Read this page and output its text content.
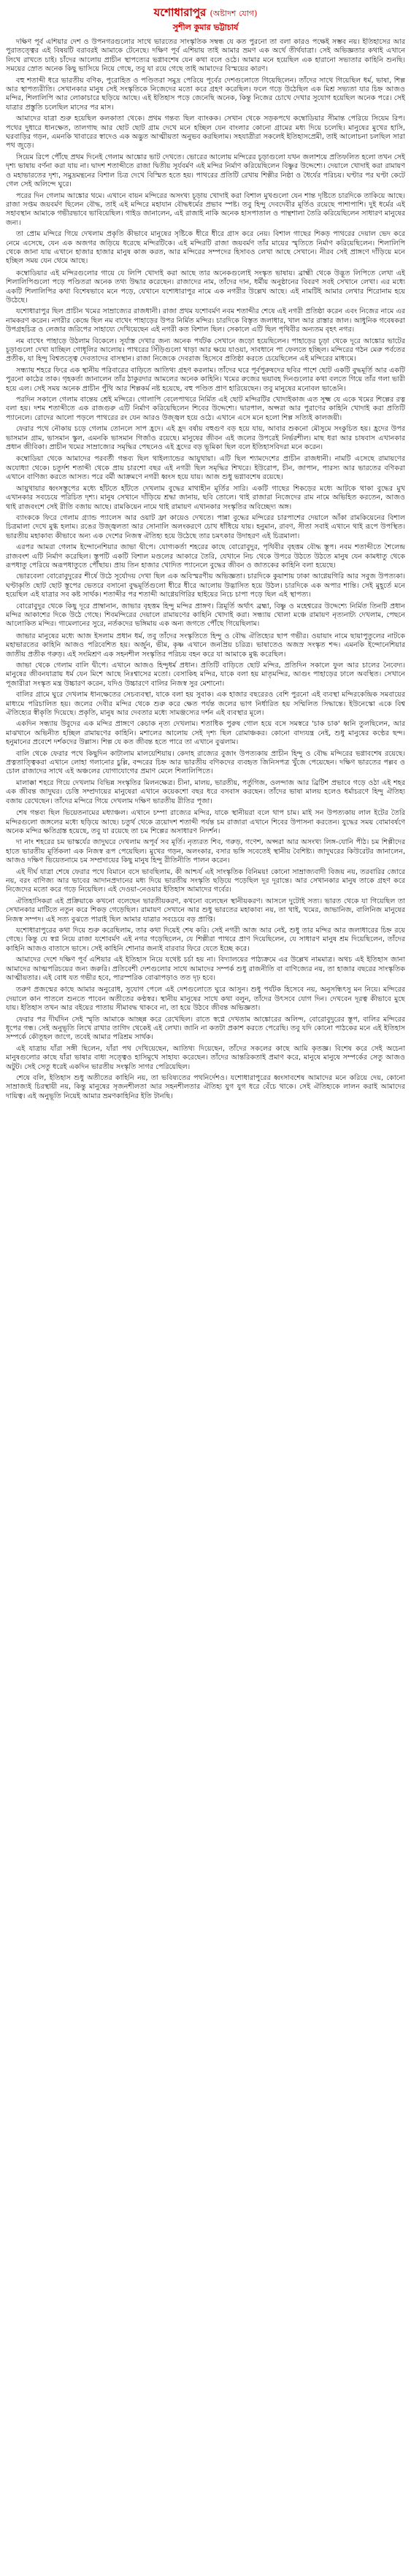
যশোধারাপুর (অষ্টাদশ যোগ)
সুশীল কুমার ভট্টাচার্য

দক্ষিণ পূর্ব এশিয়ার দেশ ও উপনগরগুলোর সাথে ভারতের সাংস্কৃতিক সম্বন্ধ যে কত পুরনো তা বলা কারও পক্ষেই সম্ভব নয়। ইতিহাসের আর পুরাতত্ত্বের এই বিষয়টি বরাবরই আমাকে টেনেছে। দক্ষিণ পূর্ব এশিয়ায় তাই আমার ভ্রমণ এক অর্থে তীর্থযাত্রা। সেই অভিজ্ঞতার কথাই এখানে লিখে রাখতে চাই। চাঁদের আলোয় প্রাচীন স্থাপত্যের ভগ্নাবশেষ যেন কথা বলে ওঠে। আমার মনে হয়েছিল এক হারানো সভ্যতার কাহিনি শুনছি। সময়ের স্রোত অনেক কিছু ভাসিয়ে নিয়ে গেছে, তবু যা রয়ে গেছে তাই আমাদের বিস্ময়ের কারণ।

বহু শতাব্দী ধরে ভারতীয় বণিক, পুরোহিত ও পণ্ডিতরা সমুদ্র পেরিয়ে পূর্বের দেশগুলোতে গিয়েছিলেন। তাঁদের সাথে গিয়েছিল ধর্ম, ভাষা, শিল্প আর স্থাপত্যরীতি। সেখানকার মানুষ সেই সংস্কৃতিকে নিজেদের মতো করে গ্রহণ করেছিল। ফলে গড়ে উঠেছিল এক মিশ্র সভ্যতা যার চিহ্ন আজও মন্দির, শিলালিপি আর লোকাচারে ছড়িয়ে আছে। এই ইতিহাস পড়ে জেনেছি অনেক, কিন্তু নিজের চোখে দেখার সুযোগ হয়েছিল অনেক পরে। সেই যাত্রার প্রস্তুতি চলেছিল মাসের পর মাস।

আমাদের যাত্রা শুরু হয়েছিল কলকাতা থেকে। প্রথম গন্তব্য ছিল ব্যাংকক। সেখান থেকে সড়কপথে কম্বোডিয়ার সীমান্ত পেরিয়ে সিয়েম রিপ। পথের দুধারে ধানক্ষেত, তালগাছ আর ছোট ছোট গ্রাম দেখে মনে হচ্ছিল যেন বাংলার কোনো গ্রামের মধ্য দিয়ে চলেছি। মানুষের মুখের হাসি, ঘরবাড়ির গড়ন, এমনকি খাবারের স্বাদেও এক অদ্ভুত আত্মীয়তা অনুভব করছিলাম। সহযাত্রীরা সকলেই ইতিহাসপ্রেমী, তাই আলোচনা চলছিল সারা পথ জুড়ে।

সিয়েম রিপে পৌঁছে প্রথম দিনেই গেলাম আঙ্কোর ভাট দেখতে। ভোরের আলোয় মন্দিরের চূড়াগুলো যখন জলাশয়ে প্রতিফলিত হলো তখন সেই দৃশ্য ভাষায় বর্ণনা করা যায় না। দ্বাদশ শতাব্দীতে রাজা দ্বিতীয় সূর্যবর্মণ এই মন্দির নির্মাণ করিয়েছিলেন বিষ্ণুর উদ্দেশ্যে। দেয়ালে খোদাই করা রামায়ণ ও মহাভারতের দৃশ্য, সমুদ্রমন্থনের বিশাল চিত্র দেখে বিস্মিত হতে হয়। পাথরের প্রতিটি রেখায় শিল্পীর নিষ্ঠা ও ধৈর্যের পরিচয়। ঘণ্টার পর ঘণ্টা কেটে গেল সেই অলিন্দে ঘুরে।

পরের দিন গেলাম আঙ্কোর থমে। এখানে বায়ন মন্দিরের অসংখ্য চূড়ায় খোদাই করা বিশাল মুখগুলো যেন শান্ত দৃষ্টিতে চারদিকে তাকিয়ে আছে। রাজা সপ্তম জয়বর্মণ ছিলেন বৌদ্ধ, তাই এই মন্দিরে মহাযান বৌদ্ধধর্মের প্রভাব স্পষ্ট। তবু হিন্দু দেবদেবীর মূর্তিও রয়েছে পাশাপাশি। দুই ধর্মের এই সহাবস্থান আমাকে গভীরভাবে ভাবিয়েছিল। গাইড জানালেন, এই রাজাই নাকি অনেক হাসপাতাল ও পান্থশালা তৈরি করিয়েছিলেন সাধারণ মানুষের জন্য।

তা প্রোম মন্দিরে গিয়ে দেখলাম প্রকৃতি কীভাবে মানুষের সৃষ্টিকে ধীরে ধীরে গ্রাস করে নেয়। বিশাল গাছের শিকড় পাথরের দেয়াল ভেদ করে নেমে এসেছে, যেন এক অজগর জড়িয়ে ধরেছে মন্দিরটিকে। এই মন্দিরটি রাজা জয়বর্মণ তাঁর মায়ের স্মৃতিতে নির্মাণ করিয়েছিলেন। শিলালিপি থেকে জানা যায় এখানে হাজার হাজার মানুষ কাজ করত, আর মন্দিরের সম্পদের হিসাবও লেখা আছে সেখানে। নীরব সেই প্রাঙ্গণে দাঁড়িয়ে মনে হচ্ছিল সময় যেন থেমে আছে।

কম্বোডিয়ার এই মন্দিরগুলোর গায়ে যে লিপি খোদাই করা আছে তার অনেকগুলোই সংস্কৃত ভাষায়। ব্রাহ্মী থেকে উদ্ভূত লিপিতে লেখা এই শিলালিপিগুলো পড়ে পণ্ডিতরা অনেক তথ্য উদ্ধার করেছেন। রাজাদের নাম, তাঁদের দান, ধর্মীয় অনুষ্ঠানের বিবরণ সবই সেখানে লেখা। এর মধ্যে একটি শিলালিপির কথা বিশেষভাবে মনে পড়ে, যেখানে যশোধারাপুর নামে এক নগরীর উল্লেখ আছে। এই নামটিই আমার লেখার শিরোনাম হয়ে উঠেছে।

যশোধারাপুর ছিল প্রাচীন খমের সাম্রাজ্যের রাজধানী। রাজা প্রথম যশোবর্মণ নবম শতাব্দীর শেষে এই নগরী প্রতিষ্ঠা করেন এবং নিজের নামে এর নামকরণ করেন। নগরীর কেন্দ্রে ছিল নম বাখেং পাহাড়ের উপর নির্মিত মন্দির। চারদিকে বিস্তৃত জলাধার, খাল আর রাস্তার জাল। আধুনিক গবেষকরা উপগ্রহচিত্র ও লেজার জরিপের সাহায্যে দেখিয়েছেন এই নগরী কত বিশাল ছিল। সেকালে এটি ছিল পৃথিবীর অন্যতম বৃহৎ নগর।

নম বাখেং পাহাড়ে উঠলাম বিকেলে। সূর্যাস্ত দেখার জন্য অনেক পর্যটক সেখানে জড়ো হয়েছিলেন। পাহাড়ের চূড়া থেকে দূরে আঙ্কোর ভাটের চূড়াগুলো দেখা যাচ্ছিল গোধূলির আলোয়। পাথরের সিঁড়িগুলো খাড়া আর ক্ষয়ে যাওয়া, সাবধানে পা ফেলতে হচ্ছিল। মন্দিরের গঠন মেরু পর্বতের প্রতীক, যা হিন্দু বিশ্বতত্ত্বে দেবতাদের বাসস্থান। রাজা নিজেকে দেবরাজ হিসেবে প্রতিষ্ঠা করতে চেয়েছিলেন এই মন্দিরের মাধ্যমে।

সন্ধ্যায় শহরে ফিরে এক স্থানীয় পরিবারের বাড়িতে আতিথ্য গ্রহণ করলাম। তাঁদের ঘরে পূর্বপুরুষদের ছবির পাশে ছোট একটি বুদ্ধমূর্তি আর একটি পুরনো কাঠের তাক। গৃহকর্তা জানালেন তাঁর ঠাকুরদার আমলের অনেক কাহিনি। খমের রুজের ভয়াবহ দিনগুলোর কথা বলতে গিয়ে তাঁর গলা ভারী হয়ে এল। সেই সময় অনেক প্রাচীন পুঁথি আর শিল্পকর্ম নষ্ট হয়েছে, বহু পণ্ডিত প্রাণ হারিয়েছেন। তবু মানুষের মনোবল ভাঙেনি।

পরদিন সকালে গেলাম বান্তেয় শ্রেই মন্দিরে। গোলাপি বেলেপাথরে নির্মিত এই ছোট মন্দিরটির খোদাইকাজ এত সূক্ষ্ম যে একে খমের শিল্পের রত্ন বলা হয়। দশম শতাব্দীতে এক রাজগুরু এটি নির্মাণ করিয়েছিলেন শিবের উদ্দেশ্যে। দ্বারপাল, অপ্সরা আর পুরাণের কাহিনি খোদাই করা প্রতিটি প্যানেলে। রোদের আলো পড়লে পাথরের রং যেন আরও উজ্জ্বল হয়ে ওঠে। এখানে এসে মনে হলো শিল্প সত্যিই কালজয়ী।

ফেরার পথে নৌকায় চড়ে গেলাম তোনলে সাপ হ্রদে। এই হ্রদ বর্ষায় বহুগুণ বড় হয়ে যায়, আবার শুকনো মৌসুমে সংকুচিত হয়। হ্রদের উপর ভাসমান গ্রাম, ভাসমান স্কুল, এমনকি ভাসমান গির্জাও রয়েছে। মানুষের জীবন এই জলের উপরেই নির্ভরশীল। মাছ ধরা আর চাষবাস এখানকার প্রধান জীবিকা। প্রাচীন খমের সাম্রাজ্যের সমৃদ্ধির পেছনেও এই হ্রদের বড় ভূমিকা ছিল বলে ইতিহাসবিদরা মনে করেন।

কম্বোডিয়া থেকে আমাদের পরবর্তী গন্তব্য ছিল থাইল্যান্ডের আয়ুথায়া। এটি ছিল শ্যামদেশের প্রাচীন রাজধানী। নামটি এসেছে রামায়ণের অযোধ্যা থেকে। চতুর্দশ শতাব্দী থেকে প্রায় চারশো বছর এই নগরী ছিল সমৃদ্ধির শিখরে। ইউরোপ, চীন, জাপান, পারস্য আর ভারতের বণিকরা এখানে বাণিজ্য করতে আসত। পরে বর্মী আক্রমণে নগরী ধ্বংস হয়ে যায়। আজ শুধু ভগ্নাবশেষ রয়েছে।

আয়ুথায়ার ধ্বংসস্তূপের মধ্যে হাঁটতে হাঁটতে দেখলাম বুদ্ধের মাথাহীন মূর্তির সারি। একটি গাছের শিকড়ের মধ্যে আটকে থাকা বুদ্ধের মুখ এখানকার সবচেয়ে পরিচিত দৃশ্য। মানুষ সেখানে দাঁড়িয়ে শ্রদ্ধা জানায়, ছবি তোলে। থাই রাজারা নিজেদের রাম নামে অভিহিত করতেন, আজও থাই রাজবংশে সেই রীতি বজায় আছে। রামকিয়েন নামে থাই রামায়ণ এখানকার সংস্কৃতির অবিচ্ছেদ্য অঙ্গ।

ব্যাংককে ফিরে গেলাম গ্র্যান্ড প্যালেস আর ওয়াট ফ্রা কায়েও দেখতে। পান্না বুদ্ধের মন্দিরের চারপাশের দেয়ালে আঁকা রামকিয়েনের বিশাল চিত্রমালা দেখে মুগ্ধ হলাম। রঙের উজ্জ্বলতা আর সোনালি অলংকরণে চোখ ধাঁধিয়ে যায়। হনুমান, রাবণ, সীতা সবাই এখানে থাই রূপে উপস্থিত। ভারতীয় মহাকাব্য কীভাবে অন্য এক দেশের নিজস্ব ঐতিহ্য হয়ে উঠেছে তার চমৎকার উদাহরণ এই চিত্রমালা।

এরপর আমরা গেলাম ইন্দোনেশিয়ার জাভা দ্বীপে। যোগ্যকর্তা শহরের কাছে বোরোবুদুর, পৃথিবীর বৃহত্তম বৌদ্ধ স্তূপ। নবম শতাব্দীতে শৈলেন্দ্র রাজবংশ এটি নির্মাণ করেছিল। স্তূপটি একটি বিশাল মণ্ডলের আকারে তৈরি, যেখানে নিচ থেকে উপরে উঠতে উঠতে মানুষ যেন কামধাতু থেকে রূপধাতু পেরিয়ে অরূপধাতুতে পৌঁছায়। প্রায় তিন হাজার খোদিত প্যানেলে বুদ্ধের জীবন ও জাতকের কাহিনি বলা হয়েছে।

ভোরবেলা বোরোবুদুরের শীর্ষে উঠে সূর্যোদয় দেখা ছিল এক অবিস্মরণীয় অভিজ্ঞতা। চারদিকে কুয়াশায় ঢাকা আগ্নেয়গিরি আর সবুজ উপত্যকা। ঘণ্টাকৃতি ছোট ছোট স্তূপের ভেতরে বসানো বুদ্ধমূর্তিগুলো ধীরে ধীরে আলোয় উদ্ভাসিত হয়ে উঠল। চারদিকে এক অপার শান্তি। সেই মুহূর্তে মনে হয়েছিল এই যাত্রার সব কষ্ট সার্থক। শতাব্দীর পর শতাব্দী আগ্নেয়গিরির ছাইয়ের নিচে চাপা পড়ে ছিল এই স্থাপত্য।

বোরোবুদুর থেকে কিছু দূরে প্রাম্বানান, জাভার বৃহত্তম হিন্দু মন্দির প্রাঙ্গণ। ত্রিমূর্তি অর্থাৎ ব্রহ্মা, বিষ্ণু ও মহেশ্বরের উদ্দেশ্যে নির্মিত তিনটি প্রধান মন্দির আকাশের দিকে উঠে গেছে। শিবমন্দিরের দেয়ালে রামায়ণের কাহিনি খোদাই করা। সন্ধ্যায় খোলা মঞ্চে রামায়ণ নৃত্যনাট্য দেখলাম, পেছনে আলোকিত মন্দির। গামেলানের সুরে, নর্তকদের ভঙ্গিমায় এক অন্য জগতে পৌঁছে গিয়েছিলাম।

জাভার মানুষের মধ্যে আজ ইসলাম প্রধান ধর্ম, তবু তাঁদের সংস্কৃতিতে হিন্দু ও বৌদ্ধ ঐতিহ্যের ছাপ গভীর। ওয়ায়াং নামে ছায়াপুতুলের নাটকে মহাভারতের কাহিনি আজও পরিবেশিত হয়। অর্জুন, ভীম, কৃষ্ণ এখানে জনপ্রিয় চরিত্র। ভাষাতেও অজস্র সংস্কৃত শব্দ। এমনকি ইন্দোনেশিয়ার জাতীয় প্রতীক গরুড়। এই সংমিশ্রণ এক সহনশীল সংস্কৃতির পরিচয় বহন করে যা আমাকে মুগ্ধ করেছিল।

জাভা থেকে গেলাম বালি দ্বীপে। এখানে আজও হিন্দুধর্ম প্রধান। প্রতিটি বাড়িতে ছোট মন্দির, প্রতিদিন সকালে ফুল আর চালের নৈবেদ্য। মানুষের জীবনযাত্রায় ধর্ম যেন মিশে আছে নিঃশ্বাসের মতো। বেসাকিহ মন্দির, যাকে বলা হয় মাতৃমন্দির, আগুং পাহাড়ের ঢালে অবস্থিত। সেখানে পূজারীরা সংস্কৃত মন্ত্র উচ্চারণ করেন, যদিও উচ্চারণে বালির নিজস্ব সুর মেশানো।

বালির গ্রামে ঘুরে দেখলাম ধানক্ষেতের সেচব্যবস্থা, যাকে বলা হয় সুবাক। এক হাজার বছরেরও বেশি পুরনো এই ব্যবস্থা মন্দিরকেন্দ্রিক সমবায়ের মাধ্যমে পরিচালিত হয়। জলের দেবীর মন্দির থেকে শুরু করে ক্ষেত পর্যন্ত জলের ভাগ নির্ধারিত হয় সম্মিলিত সিদ্ধান্তে। ইউনেস্কো একে বিশ্ব ঐতিহ্যের স্বীকৃতি দিয়েছে। প্রকৃতি, মানুষ আর দেবতার মধ্যে সামঞ্জস্যের দর্শন এই ব্যবস্থার মূলে।

একদিন সন্ধ্যায় উবুদের এক মন্দির প্রাঙ্গণে কেচাক নৃত্য দেখলাম। শতাধিক পুরুষ গোল হয়ে বসে সমস্বরে 'চাক চাক' ধ্বনি তুলছিলেন, আর মাঝখানে অভিনীত হচ্ছিল রামায়ণের কাহিনি। মশালের আলোয় সেই দৃশ্য ছিল রোমাঞ্চকর। কোনো বাদ্যযন্ত্র নেই, শুধু মানুষের কণ্ঠের ছন্দ। হনুমানের প্রবেশে দর্শকদের উল্লাস। শিল্প যে কত জীবন্ত হতে পারে তা এখানে বুঝলাম।

বালি থেকে ফেরার পথে কিছুদিন কাটালাম মালয়েশিয়ায়। কেদাহ রাজ্যের বুজাং উপত্যকায় প্রাচীন হিন্দু ও বৌদ্ধ মন্দিরের ভগ্নাবশেষ রয়েছে। প্রত্নতাত্ত্বিকরা এখানে লোহা গলানোর চুল্লি, বন্দরের চিহ্ন আর ভারতীয় বণিকদের ব্যবহৃত জিনিসপত্র খুঁজে পেয়েছেন। দক্ষিণ ভারতের পল্লব ও চোল রাজাদের সাথে এই অঞ্চলের যোগাযোগের প্রমাণ মেলে শিলালিপিতে।

মালাক্কা শহরে গিয়ে দেখলাম বিভিন্ন সংস্কৃতির মিলনক্ষেত্র। চীনা, মালয়, ভারতীয়, পর্তুগিজ, ওলন্দাজ আর ব্রিটিশ প্রভাবে গড়ে ওঠা এই শহর এক জীবন্ত জাদুঘর। চেত্তি সম্প্রদায়ের মানুষেরা এখানে কয়েকশো বছর ধরে বসবাস করছেন। তাঁদের ভাষা মালয় হলেও ধর্মাচরণে হিন্দু ঐতিহ্য বজায় রেখেছেন। তাঁদের মন্দিরে গিয়ে দেখলাম দক্ষিণ ভারতীয় রীতির পূজা।

শেষ গন্তব্য ছিল ভিয়েতনামের মধ্যাঞ্চল। এখানে চম্পা রাজ্যের মন্দির, যাকে স্থানীয়রা বলে থাপ চাম। মাই সন উপত্যকায় লাল ইটের তৈরি মন্দিরগুলো জঙ্গলের মধ্যে ছড়িয়ে আছে। চতুর্থ থেকে ত্রয়োদশ শতাব্দী পর্যন্ত চম রাজারা এখানে শিবের উপাসনা করতেন। যুদ্ধের সময় বোমাবর্ষণে অনেক মন্দির ক্ষতিগ্রস্ত হয়েছে, তবু যা রয়েছে তা চম শিল্পের অসাধারণ নিদর্শন।

দা নাং শহরের চম ভাস্কর্যের জাদুঘরে দেখলাম অপূর্ব সব মূর্তি। নৃত্যরত শিব, গরুড়, গণেশ, অপ্সরা আর অসংখ্য লিঙ্গ-যোনি পীঠ। চম শিল্পীদের হাতে ভারতীয় মূর্তিকলা এক নিজস্ব রূপ পেয়েছিল। মুখের গড়ন, অলংকার, বসার ভঙ্গি সবেতেই স্থানীয় বৈশিষ্ট্য। জাদুঘরের কিউরেটর জানালেন, আজও দক্ষিণ ভিয়েতনামে চম সম্প্রদায়ের কিছু মানুষ হিন্দু রীতিনীতি পালন করেন।

এই দীর্ঘ যাত্রা শেষে ফেরার পথে বিমানে বসে ভাবছিলাম, কী আশ্চর্য এই সাংস্কৃতিক বিনিময়! কোনো সাম্রাজ্যবাদী বিজয় নয়, তরবারির জোরে নয়, বরং বাণিজ্য আর ভাবের আদানপ্রদানের মধ্য দিয়ে ভারতীয় সংস্কৃতি ছড়িয়ে পড়েছিল দূর দূরান্তে। আর সেখানকার মানুষ তাকে গ্রহণ করে নিজেদের মতো করে গড়ে নিয়েছিল। এই দেওয়া-নেওয়ার ইতিহাস আমাদের গর্বের।

ঐতিহাসিকরা এই প্রক্রিয়াকে কখনো বলেছেন ভারতীয়করণ, কখনো বলেছেন স্থানীয়করণ। আসলে দুটোই সত্য। ভারত থেকে যা গিয়েছিল তা সেখানকার মাটিতে নতুন করে শিকড় গেড়েছিল। রামায়ণ সেখানে আর শুধু ভারতের মহাকাব্য নয়, তা থাই, খমের, জাভানিজ, বালিনিজ মানুষের নিজস্ব সম্পদ। এই সত্য বুঝতে পারাই ছিল আমার যাত্রার সবচেয়ে বড় প্রাপ্তি।

যশোধারাপুরের কথা দিয়ে শুরু করেছিলাম, তার কথা দিয়েই শেষ করি। সেই নগরী আজ আর নেই, শুধু তার মন্দির আর জলাধারের চিহ্ন রয়ে গেছে। কিন্তু যে স্বপ্ন নিয়ে রাজা যশোবর্মণ এই নগর গড়েছিলেন, যে শিল্পীরা পাথরে প্রাণ দিয়েছিলেন, যে সাধারণ মানুষ শ্রম দিয়েছিলেন, তাঁদের কাহিনি আজও বাতাসে ভাসে। সেই কাহিনি শোনার জন্যই বারবার ফিরে যেতে ইচ্ছে করে।

আমাদের দেশে দক্ষিণ পূর্ব এশিয়ার এই ইতিহাস নিয়ে যথেষ্ট চর্চা হয় না। বিদ্যালয়ের পাঠ্যক্রমে এর উল্লেখ নামমাত্র। অথচ এই ইতিহাস জানা আমাদের আত্মপরিচয়ের জন্য জরুরি। প্রতিবেশী দেশগুলোর সাথে আমাদের সম্পর্ক শুধু রাজনীতি বা বাণিজ্যের নয়, তা হাজার বছরের সাংস্কৃতিক আত্মীয়তার। এই বোধ যত গভীর হবে, পারস্পরিক বোঝাপড়াও তত দৃঢ় হবে।

তরুণ প্রজন্মের কাছে আমার অনুরোধ, সুযোগ পেলে এই দেশগুলোতে ঘুরে আসুন। শুধু পর্যটক হিসেবে নয়, অনুসন্ধিৎসু মন নিয়ে। মন্দিরের দেয়ালে কান পাতলে শুনতে পাবেন অতীতের কণ্ঠস্বর। স্থানীয় মানুষের সাথে কথা বলুন, তাঁদের উৎসবে যোগ দিন। দেখবেন দূরত্ব কীভাবে মুছে যায়। ইতিহাস তখন আর বইয়ের পাতায় সীমাবদ্ধ থাকবে না, তা হয়ে উঠবে জীবন্ত অভিজ্ঞতা।

ফেরার পর দীর্ঘদিন সেই স্মৃতি আমাকে আচ্ছন্ন করে রেখেছিল। রাতে স্বপ্নে দেখতাম আঙ্কোরের অলিন্দ, বোরোবুদুরের স্তূপ, বালির মন্দিরের ধূপের গন্ধ। সেই অনুভূতি লিখে রাখার তাগিদ থেকেই এই লেখা। জানি না কতটা প্রকাশ করতে পেরেছি। তবু যদি কোনো পাঠকের মনে এই ইতিহাস সম্পর্কে কৌতূহল জাগে, তবেই আমার পরিশ্রম সার্থক।

এই যাত্রায় যাঁরা সঙ্গী ছিলেন, যাঁরা পথ দেখিয়েছেন, আতিথ্য দিয়েছেন, তাঁদের সকলের কাছে আমি কৃতজ্ঞ। বিশেষ করে সেই অচেনা মানুষগুলোর কাছে যাঁরা ভাষার বাধা সত্ত্বেও হাসিমুখে সাহায্য করেছেন। তাঁদের আন্তরিকতাই প্রমাণ করে, মানুষে মানুষে সম্পর্কের সেতু আজও অটুট। সেই সেতু ধরেই একদিন ভারতীয় সংস্কৃতি সাগর পেরিয়েছিল।

শেষে বলি, ইতিহাস শুধু অতীতের কাহিনি নয়, তা ভবিষ্যতের পথনির্দেশও। যশোধারাপুরের ধ্বংসাবশেষ আমাদের মনে করিয়ে দেয়, কোনো সাম্রাজ্যই চিরস্থায়ী নয়, কিন্তু মানুষের সৃজনশীলতা আর সহনশীলতার ঐতিহ্য যুগ যুগ ধরে বেঁচে থাকে। সেই ঐতিহ্যকে লালন করাই আমাদের দায়িত্ব। এই অনুভূতি নিয়েই আমার ভ্রমণকাহিনির ইতি টানছি।
